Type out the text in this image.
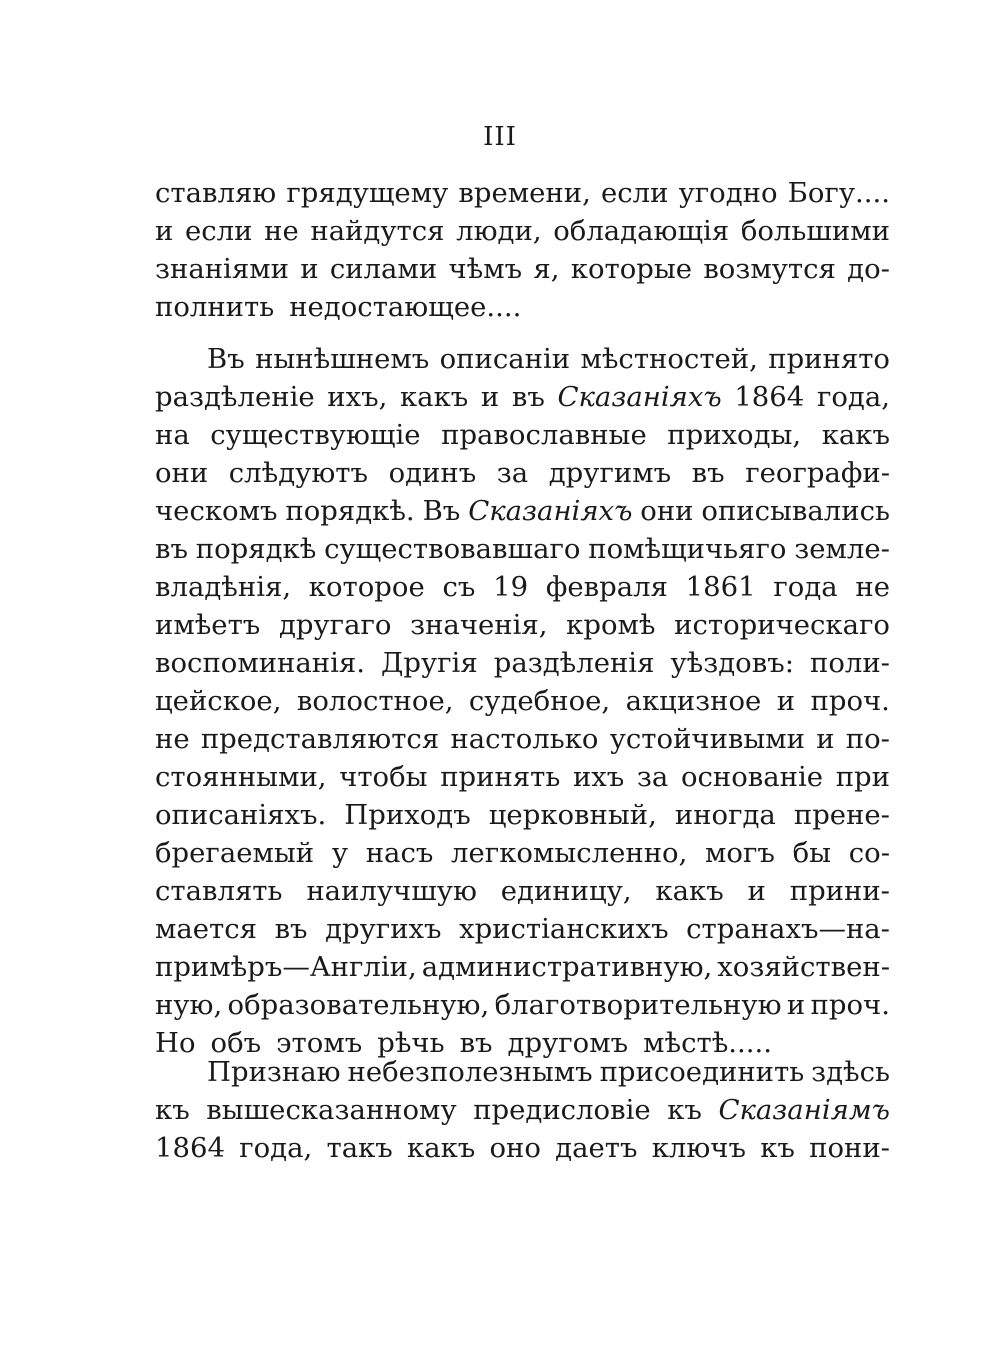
III
ставляю грядущему времени, если угодно Богу....
и если не найдутся люди, обладающія большими
знаніями и силами чѣмъ я, которые возмутся до-
полнить недостающее....
Въ нынѣшнемъ описаніи мѣстностей, принято
раздѣленіе ихъ, какъ и въ Сказаніяхъ 1864 года,
на существующіе православные приходы, какъ
они слѣдуютъ одинъ за другимъ въ географи-
ческомъ порядкѣ. Въ Сказаніяхъ они описывались
въ порядкѣ существовавшаго помѣщичьяго земле-
владѣнія, которое съ 19 февраля 1861 года не
имѣетъ другаго значенія, кромѣ историческаго
воспоминанія. Другія раздѣленія уѣздовъ: поли-
цейское, волостное, судебное, акцизное и проч.
не представляются настолько устойчивыми и по-
стоянными, чтобы принять ихъ за основаніе при
описаніяхъ. Приходъ церковный, иногда прене-
брегаемый у насъ легкомысленно, могъ бы со-
ставлять наилучшую единицу, какъ и прини-
мается въ другихъ христіанскихъ странахъ—на-
примѣръ—Англіи, административную, хозяйствен-
ную, образовательную, благотворительную и проч.
Но объ этомъ рѣчь въ другомъ мѣстѣ.....
Признаю небезполезнымъ присоединить здѣсь
къ вышесказанному предисловіе къ Сказаніямъ
1864 года, такъ какъ оно даетъ ключъ къ пони-
